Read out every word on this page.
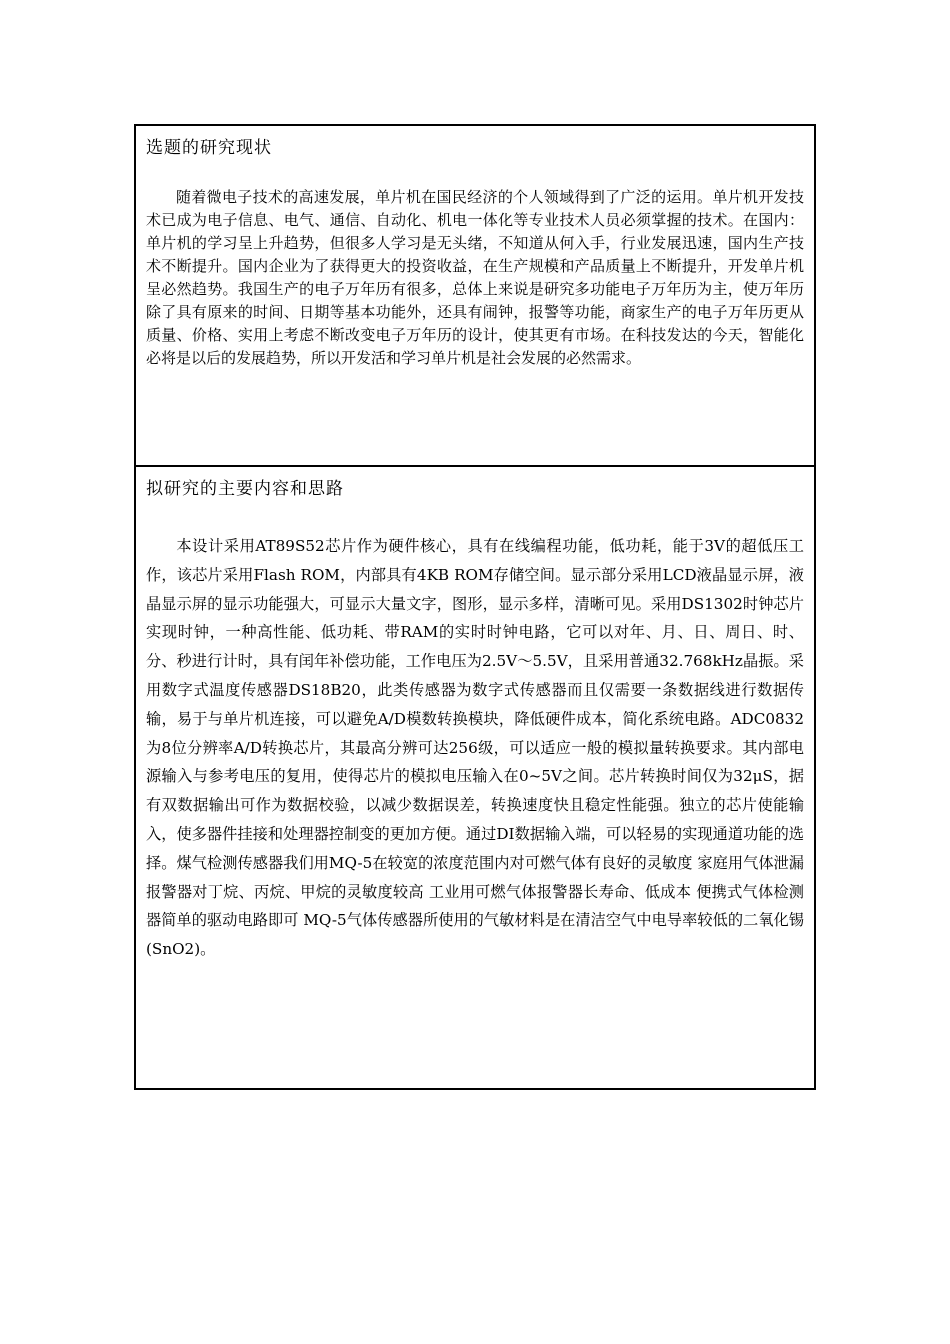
选题的研究现状

随着微电子技术的高速发展，单片机在国民经济的个人领域得到了广泛的运用。单片机开发技术已成为电子信息、电气、通信、自动化、机电一体化等专业技术人员必须掌握的技术。在国内：单片机的学习呈上升趋势，但很多人学习是无头绪，不知道从何入手，行业发展迅速，国内生产技术不断提升。国内企业为了获得更大的投资收益，在生产规模和产品质量上不断提升，开发单片机呈必然趋势。我国生产的电子万年历有很多，总体上来说是研究多功能电子万年历为主，使万年历除了具有原来的时间、日期等基本功能外，还具有闹钟，报警等功能，商家生产的电子万年历更从质量、价格、实用上考虑不断改变电子万年历的设计，使其更有市场。在科技发达的今天，智能化必将是以后的发展趋势，所以开发活和学习单片机是社会发展的必然需求。

拟研究的主要内容和思路

本设计采用AT89S52芯片作为硬件核心，具有在线编程功能，低功耗，能于3V的超低压工作，该芯片采用Flash ROM，内部具有4KB ROM存储空间。显示部分采用LCD液晶显示屏，液晶显示屏的显示功能强大，可显示大量文字，图形，显示多样，清晰可见。采用DS1302时钟芯片实现时钟，一种高性能、低功耗、带RAM的实时时钟电路，它可以对年、月、日、周日、时、分、秒进行计时，具有闰年补偿功能，工作电压为2.5V～5.5V，且采用普通32.768kHz晶振。采用数字式温度传感器DS18B20，此类传感器为数字式传感器而且仅需要一条数据线进行数据传输，易于与单片机连接，可以避免A/D模数转换模块，降低硬件成本，简化系统电路。ADC0832为8位分辨率A/D转换芯片，其最高分辨可达256级，可以适应一般的模拟量转换要求。其内部电源输入与参考电压的复用，使得芯片的模拟电压输入在0~5V之间。芯片转换时间仅为32μS，据有双数据输出可作为数据校验，以减少数据误差，转换速度快且稳定性能强。独立的芯片使能输入，使多器件挂接和处理器控制变的更加方便。通过DI数据输入端，可以轻易的实现通道功能的选择。煤气检测传感器我们用MQ-5在较宽的浓度范围内对可燃气体有良好的灵敏度 家庭用气体泄漏报警器对丁烷、丙烷、甲烷的灵敏度较高 工业用可燃气体报警器长寿命、低成本 便携式气体检测器简单的驱动电路即可 MQ-5气体传感器所使用的气敏材料是在清洁空气中电导率较低的二氧化锡(SnO2)。
